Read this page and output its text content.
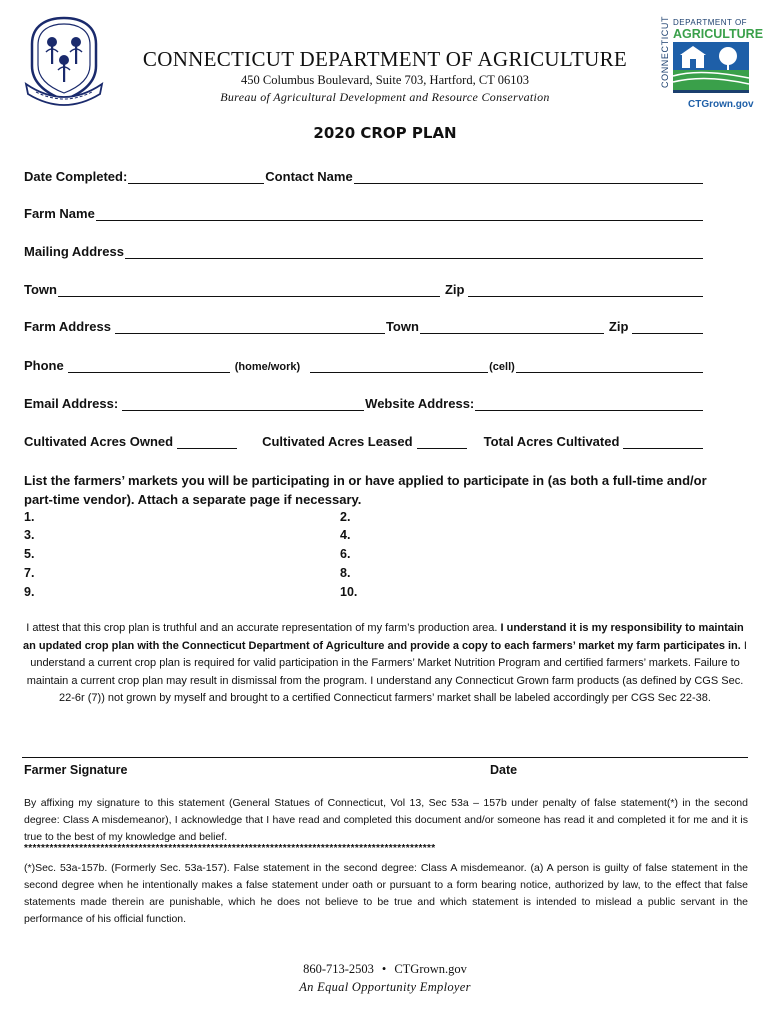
CONNECTICUT DEPARTMENT OF AGRICULTURE
450 Columbus Boulevard, Suite 703, Hartford, CT 06103
Bureau of Agricultural Development and Resource Conservation
CONNECTICUT DEPARTMENT OF
AGRICULTURE
CTGrown.gov
2020 CROP PLAN
Date Completed:	Contact Name
Farm Name
Mailing Address
Town	Zip
Farm Address	Town	Zip
Phone	(home/work)	(cell)
Email Address:	Website Address:
Cultivated Acres Owned	Cultivated Acres Leased	Total Acres Cultivated
List the farmers’ markets you will be participating in or have applied to participate in (as both a full-time and/or part-time vendor). Attach a separate page if necessary.
1.	2.
3.	4.
5.	6.
7.	8.
9.	10.
I attest that this crop plan is truthful and an accurate representation of my farm’s production area. I understand it is my responsibility to maintain an updated crop plan with the Connecticut Department of Agriculture and provide a copy to each farmers’ market my farm participates in. I understand a current crop plan is required for valid participation in the Farmers’ Market Nutrition Program and certified farmers’ markets. Failure to maintain a current crop plan may result in dismissal from the program. I understand any Connecticut Grown farm products (as defined by CGS Sec. 22-6r (7)) not grown by myself and brought to a certified Connecticut farmers’ market shall be labeled accordingly per CGS Sec 22-38.
Farmer Signature	Date
By affixing my signature to this statement (General Statues of Connecticut, Vol 13, Sec 53a – 157b under penalty of false statement(*) in the second degree: Class A misdemeanor), I acknowledge that I have read and completed this document and/or someone has read it and completed it for me and it is true to the best of my knowledge and belief.
*************************************************************************************************
(*)Sec. 53a-157b. (Formerly Sec. 53a-157). False statement in the second degree: Class A misdemeanor. (a) A person is guilty of false statement in the second degree when he intentionally makes a false statement under oath or pursuant to a form bearing notice, authorized by law, to the effect that false statements made therein are punishable, which he does not believe to be true and which statement is intended to mislead a public servant in the performance of his official function.
860-713-2503 • CTGrown.gov
An Equal Opportunity Employer
